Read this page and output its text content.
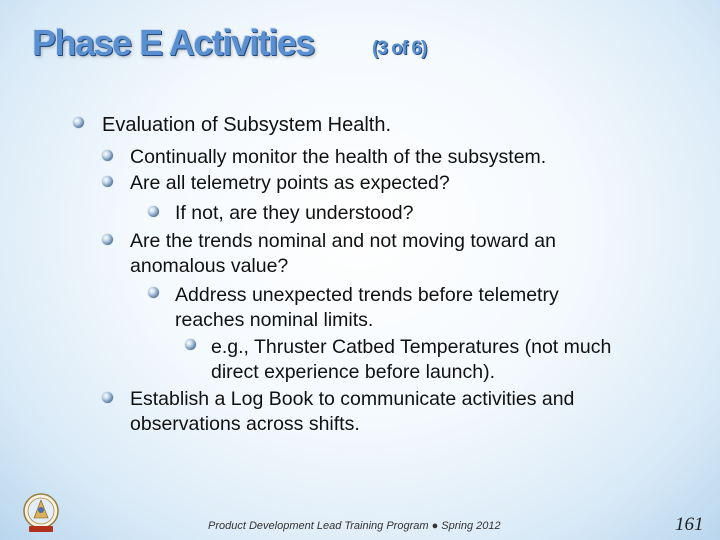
Phase E Activities	(3 of 6)
Evaluation of Subsystem Health.
Continually monitor the health of the subsystem.
Are all telemetry points as expected?
If not, are they understood?
Are the trends nominal and not moving toward an
anomalous value?
Address unexpected trends before telemetry
reaches nominal limits.
e.g., Thruster Catbed Temperatures (not much
direct experience before launch).
Establish a Log Book to communicate activities and
observations across shifts.
Product Development Lead Training Program ● Spring 2012	161
